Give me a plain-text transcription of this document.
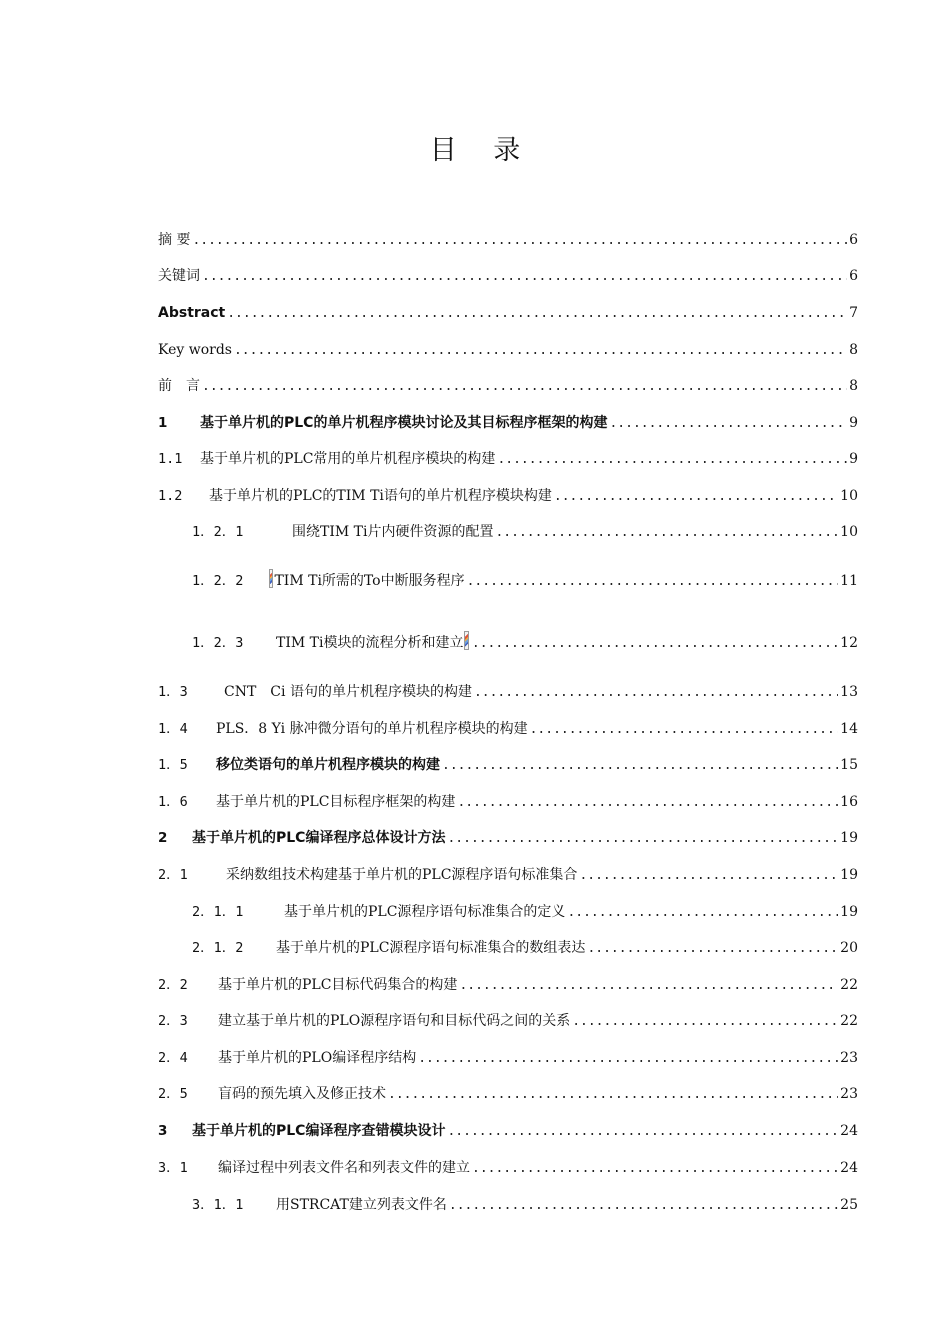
目 录
摘 要 .....	6
关键词 .....	6
Abstract .....	7
Key words .....	8
前　言 .....	8
1	基于单片机的PLC的单片机程序模块讨论及其目标程序框架的构建 .....	9
1.1	基于单片机的PLC常用的单片机程序模块的构建 .....	9
1.2	基于单片机的PLC的TIM Ti语句的单片机程序模块构建 .....	10
1．2．1	围绕TIM Ti片内硬件资源的配置 .....	10
1．2．2	TIM Ti所需的To中断服务程序 .....	11
1．2．3	TIM Ti模块的流程分析和建立 .....	12
1．3	CNT　Ci 语句的单片机程序模块的构建 .....	13
1．4	PLS．8 Yi 脉冲微分语句的单片机程序模块的构建 .....	14
1．5	移位类语句的单片机程序模块的构建 .....	15
1．6	基于单片机的PLC目标程序框架的构建 .....	16
2	基于单片机的PLC编译程序总体设计方法 .....	19
2．1	采纳数组技术构建基于单片机的PLC源程序语句标准集合 .....	19
2．1．1	基于单片机的PLC源程序语句标准集合的定义 .....	19
2．1．2	基于单片机的PLC源程序语句标准集合的数组表达 .....	20
2．2	基于单片机的PLC目标代码集合的构建 .....	22
2．3	建立基于单片机的PLO源程序语句和目标代码之间的关系 .....	22
2．4	基于单片机的PLO编译程序结构 .....	23
2．5	盲码的预先填入及修正技术 .....	23
3	基于单片机的PLC编译程序查错模块设计 .....	24
3．1	编译过程中列表文件名和列表文件的建立 .....	24
3．1．1	用STRCAT建立列表文件名 .....	25
